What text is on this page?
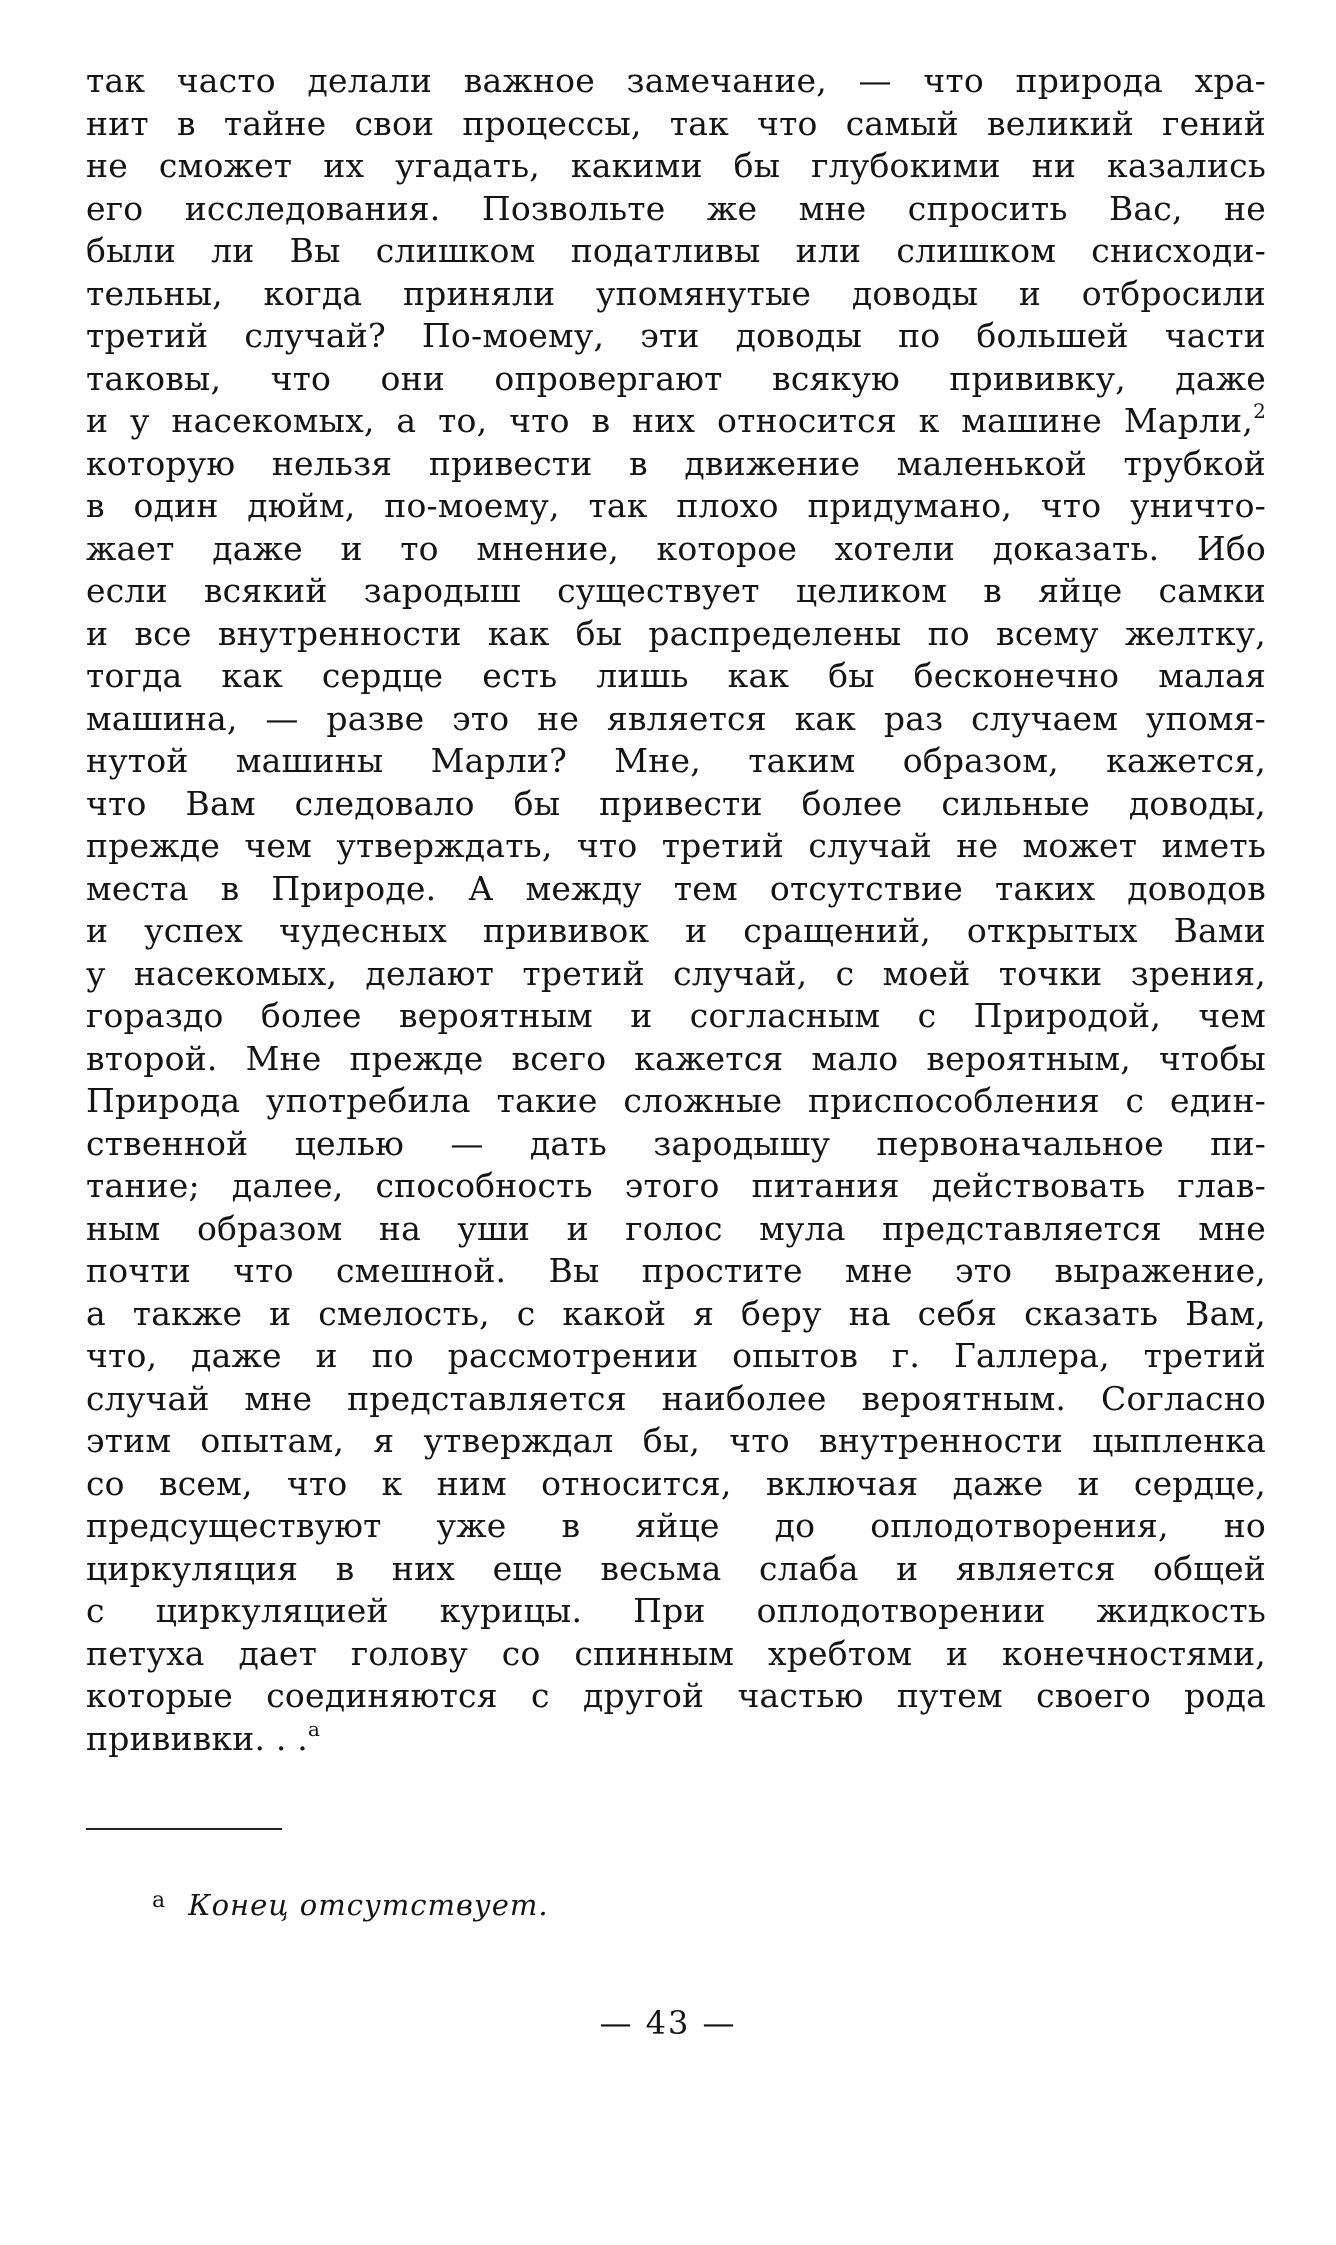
так часто делали важное замечание, — что природа хра-
нит в тайне свои процессы, так что самый великий гений
не сможет их угадать, какими бы глубокими ни казались
его исследования. Позвольте же мне спросить Вас, не
были ли Вы слишком податливы или слишком снисходи-
тельны, когда приняли упомянутые доводы и отбросили
третий случай? По-моему, эти доводы по большей части
таковы, что они опровергают всякую прививку, даже
и у насекомых, а то, что в них относится к машине Марли,$^2$
которую нельзя привести в движение маленькой трубкой
в один дюйм, по-моему, так плохо придумано, что уничто-
жает даже и то мнение, которое хотели доказать. Ибо
если всякий зародыш существует целиком в яйце самки
и все внутренности как бы распределены по всему желтку,
тогда как сердце есть лишь как бы бесконечно малая
машина, — разве это не является как раз случаем упомя-
нутой машины Марли? Мне, таким образом, кажется,
что Вам следовало бы привести более сильные доводы,
прежде чем утверждать, что третий случай не может иметь
места в Природе. А между тем отсутствие таких доводов
и успех чудесных прививок и сращений, открытых Вами
у насекомых, делают третий случай, с моей точки зрения,
гораздо более вероятным и согласным с Природой, чем
второй. Мне прежде всего кажется мало вероятным, чтобы
Природа употребила такие сложные приспособления с един-
ственной целью — дать зародышу первоначальное пи-
тание; далее, способность этого питания действовать глав-
ным образом на уши и голос мула представляется мне
почти что смешной. Вы простите мне это выражение,
а также и смелость, с какой я беру на себя сказать Вам,
что, даже и по рассмотрении опытов г. Галлера, третий
случай мне представляется наиболее вероятным. Согласно
этим опытам, я утверждал бы, что внутренности цыпленка
со всем, что к ним относится, включая даже и сердце,
предсуществуют уже в яйце до оплодотворения, но
циркуляция в них еще весьма слаба и является общей
с циркуляцией курицы. При оплодотворении жидкость
петуха дает голову со спинным хребтом и конечностями,
которые соединяются с другой частью путем своего рода
прививки. . .$^а$

$^а$ Конец отсутствует.
— 43 —
